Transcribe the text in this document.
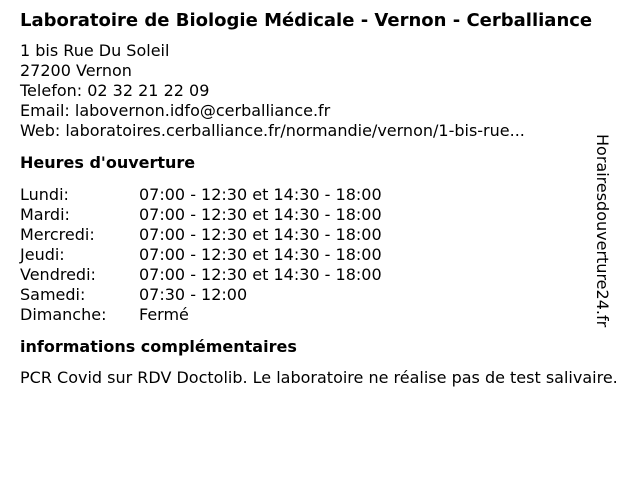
Laboratoire de Biologie Médicale - Vernon - Cerballiance
1 bis Rue Du Soleil
27200 Vernon
Telefon: 02 32 21 22 09
Email: labovernon.idfo@cerballiance.fr
Web: laboratoires.cerballiance.fr/normandie/vernon/1-bis-rue...
Heures d'ouverture
Lundi:	07:00 - 12:30 et 14:30 - 18:00
Mardi:	07:00 - 12:30 et 14:30 - 18:00
Mercredi:	07:00 - 12:30 et 14:30 - 18:00
Jeudi:	07:00 - 12:30 et 14:30 - 18:00
Vendredi:	07:00 - 12:30 et 14:30 - 18:00
Samedi:	07:30 - 12:00
Dimanche:	Fermé
informations complémentaires
PCR Covid sur RDV Doctolib. Le laboratoire ne réalise pas de test salivaire.
Horairesdouverture24.fr
